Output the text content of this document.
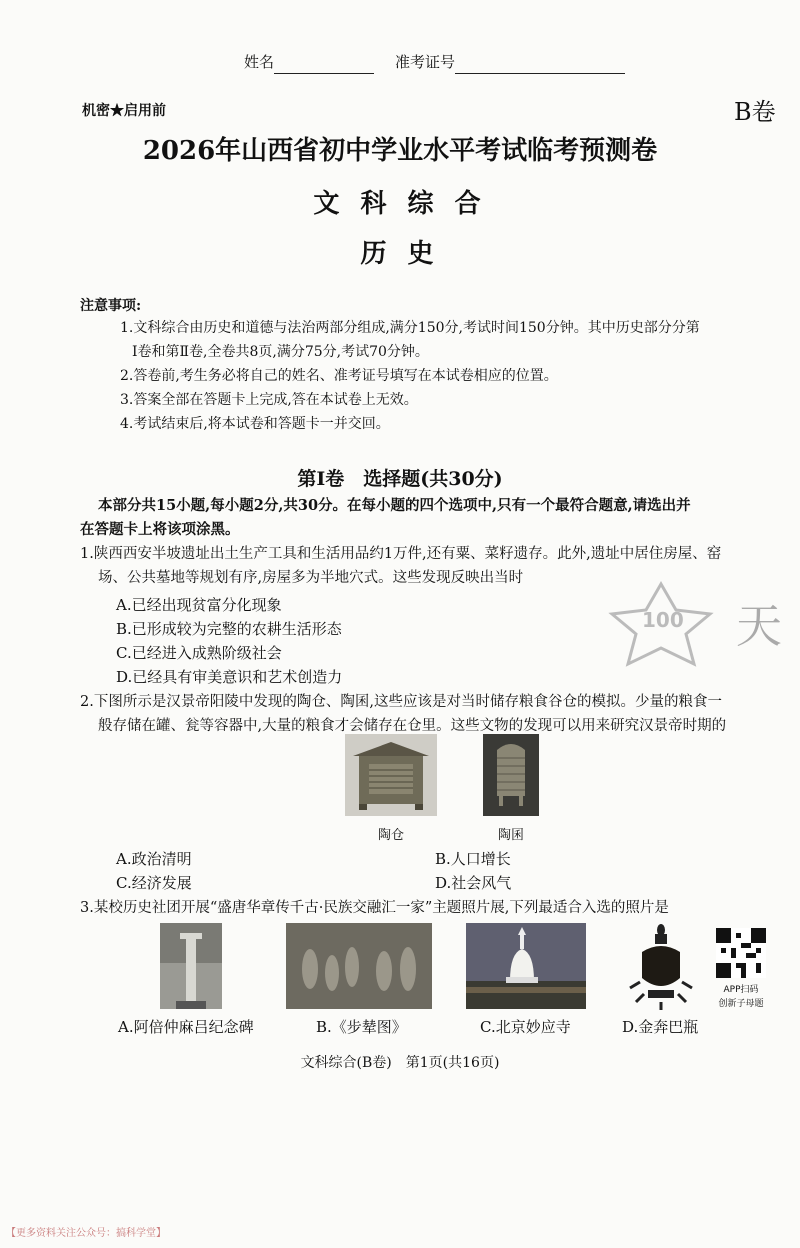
姓名	准考证号
机密★启用前	B卷
2026年山西省初中学业水平考试临考预测卷
文 科 综 合
历 史
注意事项:
1.文科综合由历史和道德与法治两部分组成,满分150分,考试时间150分钟。其中历史部分分第
Ⅰ卷和第Ⅱ卷,全卷共8页,满分75分,考试70分钟。
2.答卷前,考生务必将自己的姓名、准考证号填写在本试卷相应的位置。
3.答案全部在答题卡上完成,答在本试卷上无效。
4.考试结束后,将本试卷和答题卡一并交回。
第Ⅰ卷　选择题(共30分)
本部分共15小题,每小题2分,共30分。在每小题的四个选项中,只有一个最符合题意,请选出并
在答题卡上将该项涂黑。
1.陕西西安半坡遗址出土生产工具和生活用品约1万件,还有粟、菜籽遗存。此外,遗址中居住房屋、窑
场、公共墓地等规划有序,房屋多为半地穴式。这些发现反映出当时
A.已经出现贫富分化现象
B.已形成较为完整的农耕生活形态
C.已经进入成熟阶级社会
D.已经具有审美意识和艺术创造力
100 天
2.下图所示是汉景帝阳陵中发现的陶仓、陶囷,这些应该是对当时储存粮食谷仓的模拟。少量的粮食一
般存储在罐、瓮等容器中,大量的粮食才会储存在仓里。这些文物的发现可以用来研究汉景帝时期的
陶仓	陶囷
A.政治清明	B.人口增长
C.经济发展	D.社会风气
3.某校历史社团开展“盛唐华章传千古·民族交融汇一家”主题照片展,下列最适合入选的照片是
APP扫码
创新子母题
A.阿倍仲麻吕纪念碑	B.《步辇图》	C.北京妙应寺	D.金奔巴瓶
文科综合(B卷)　第1页(共16页)
【更多资料关注公众号：搞科学堂】
